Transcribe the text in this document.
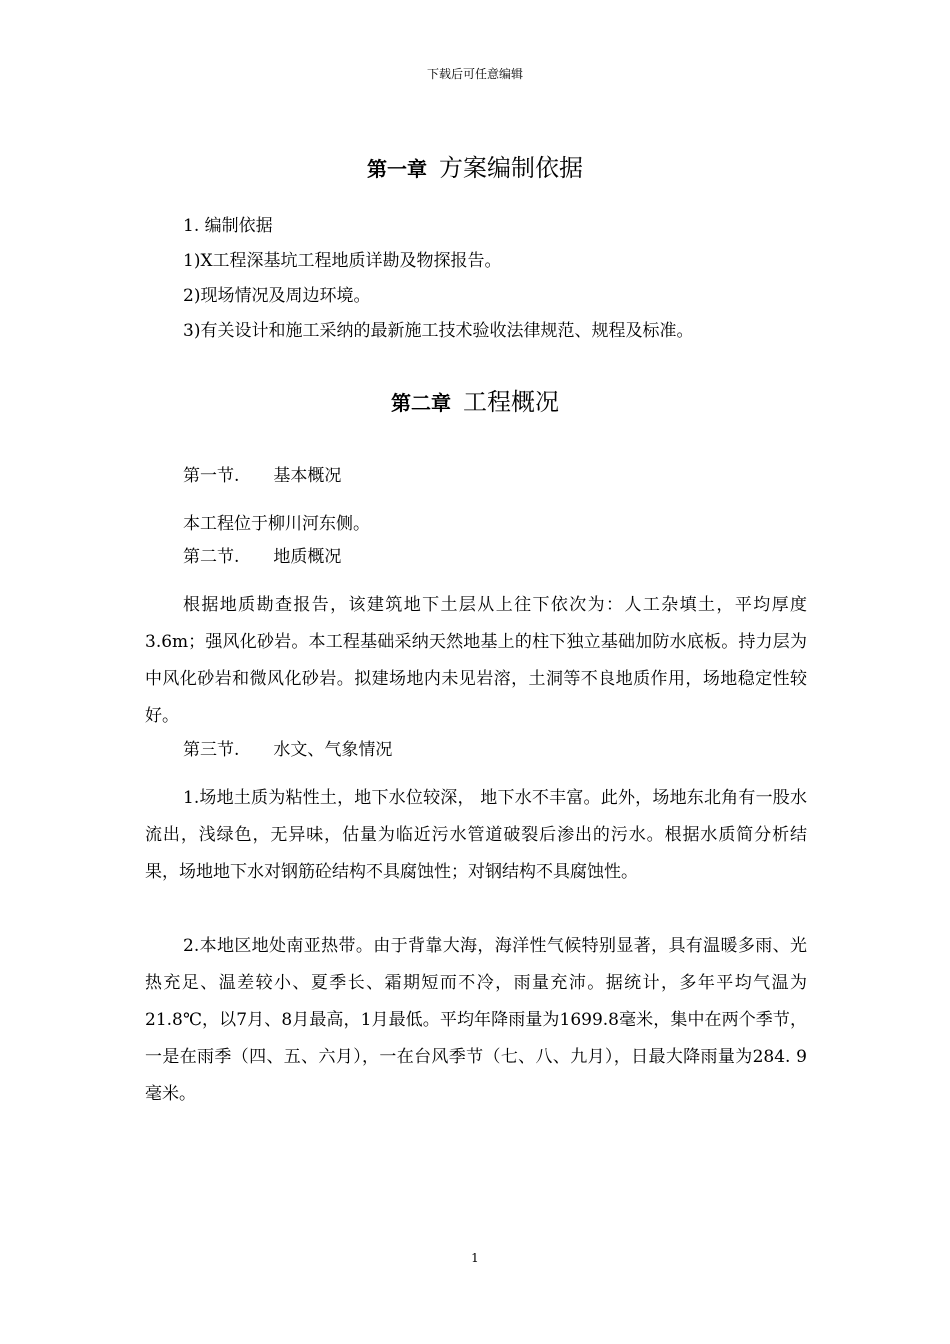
下载后可任意编辑
第一章 方案编制依据
1. 编制依据
1)X工程深基坑工程地质详勘及物探报告。
2)现场情况及周边环境。
3)有关设计和施工采纳的最新施工技术验收法律规范、规程及标准。
第二章 工程概况
第一节. 基本概况
本工程位于柳川河东侧。
第二节. 地质概况

根据地质勘查报告，该建筑地下土层从上往下依次为：人工杂填土，平均厚度3.6m；强风化砂岩。本工程基础采纳天然地基上的柱下独立基础加防水底板。持力层为中风化砂岩和微风化砂岩。拟建场地内未见岩溶，土洞等不良地质作用，场地稳定性较好。

第三节. 水文、气象情况

1.场地土质为粘性土，地下水位较深， 地下水不丰富。此外，场地东北角有一股水流出，浅绿色，无异味，估量为临近污水管道破裂后渗出的污水。根据水质简分析结果，场地地下水对钢筋砼结构不具腐蚀性；对钢结构不具腐蚀性。

2.本地区地处南亚热带。由于背靠大海，海洋性气候特别显著，具有温暖多雨、光热充足、温差较小、夏季长、霜期短而不冷，雨量充沛。据统计，多年平均气温为21.8℃，以7月、8月最高，1月最低。平均年降雨量为1699.8毫米，集中在两个季节，一是在雨季（四、五、六月），一在台风季节（七、八、九月），日最大降雨量为284. 9毫米。

1
